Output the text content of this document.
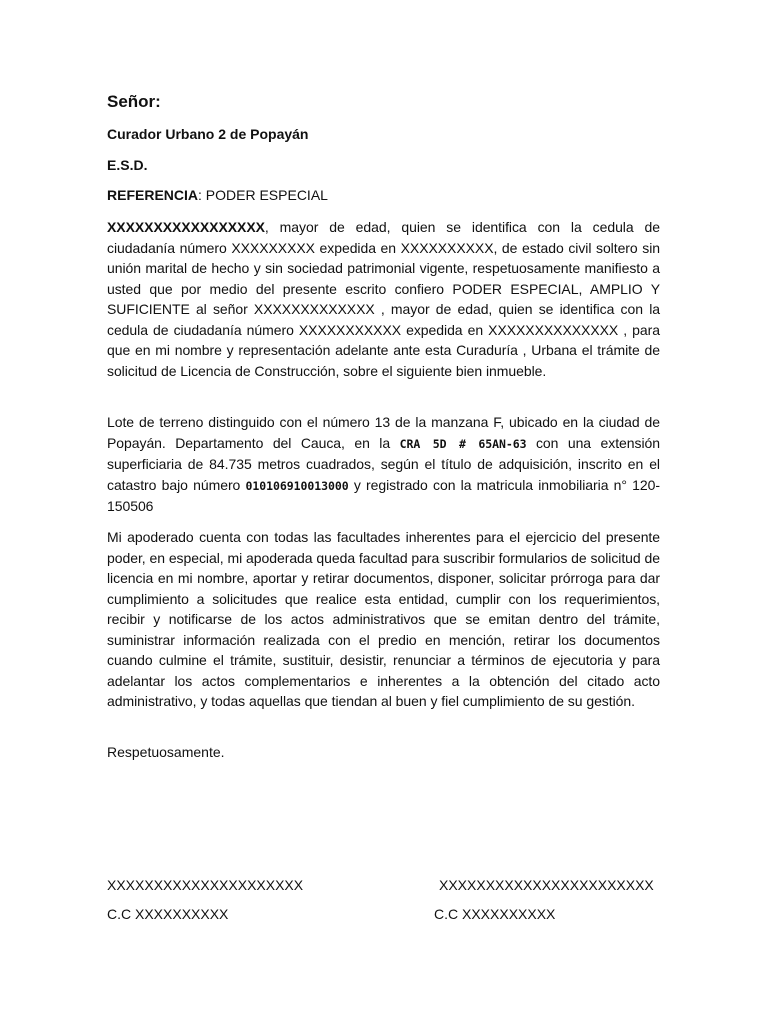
Señor:

Curador Urbano 2 de Popayán

E.S.D.

REFERENCIA: PODER ESPECIAL

XXXXXXXXXXXXXXXXX, mayor de edad, quien se identifica con la cedula de ciudadanía número XXXXXXXXX expedida en XXXXXXXXXX, de estado civil soltero sin unión marital de hecho y sin sociedad patrimonial vigente, respetuosamente manifiesto a usted que por medio del presente escrito confiero PODER ESPECIAL, AMPLIO Y SUFICIENTE al señor XXXXXXXXXXXXX , mayor de edad, quien se identifica con la cedula de ciudadanía número XXXXXXXXXXX expedida en XXXXXXXXXXXXXX , para que en mi nombre y representación adelante ante esta Curaduría , Urbana el trámite de solicitud de Licencia de Construcción, sobre el siguiente bien inmueble.

Lote de terreno distinguido con el número 13 de la manzana F, ubicado en la ciudad de Popayán. Departamento del Cauca, en la CRA 5D # 65AN-63 con una extensión superficiaria de 84.735 metros cuadrados, según el título de adquisición, inscrito en el catastro bajo número 010106910013000 y registrado con la matricula inmobiliaria n° 120-150506

Mi apoderado cuenta con todas las facultades inherentes para el ejercicio del presente poder, en especial, mi apoderada queda facultad para suscribir formularios de solicitud de licencia en mi nombre, aportar y retirar documentos, disponer, solicitar prórroga para dar cumplimiento a solicitudes que realice esta entidad, cumplir con los requerimientos, recibir y notificarse de los actos administrativos que se emitan dentro del trámite, suministrar información realizada con el predio en mención, retirar los documentos cuando culmine el trámite, sustituir, desistir, renunciar a términos de ejecutoria y para adelantar los actos complementarios e inherentes a la obtención del citado acto administrativo, y todas aquellas que tiendan al buen y fiel cumplimiento de su gestión.

Respetuosamente.

XXXXXXXXXXXXXXXXXXXXX

C.C XXXXXXXXXX

XXXXXXXXXXXXXXXXXXXXXXX

C.C XXXXXXXXXX
